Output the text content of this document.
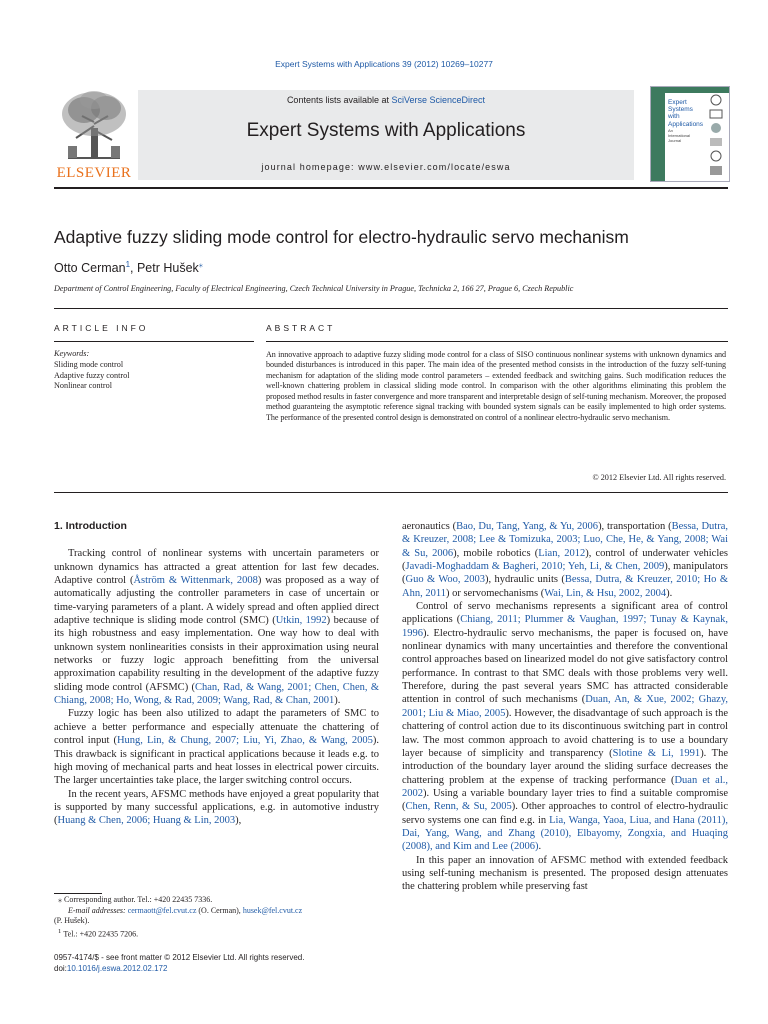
Expert Systems with Applications 39 (2012) 10269–10277
ELSEVIER
Contents lists available at SciVerse ScienceDirect
Expert Systems with Applications
journal homepage: www.elsevier.com/locate/eswa
Expert
Systems
with
Applications
An International Journal
Adaptive fuzzy sliding mode control for electro-hydraulic servo mechanism
Otto Cerman$^1$, Petr Hušek⁎
Department of Control Engineering, Faculty of Electrical Engineering, Czech Technical University in Prague, Technicka 2, 166 27, Prague 6, Czech Republic
ARTICLE INFO
Keywords:
Sliding mode control
Adaptive fuzzy control
Nonlinear control
ABSTRACT
An innovative approach to adaptive fuzzy sliding mode control for a class of SISO continuous nonlinear systems with unknown dynamics and bounded disturbances is introduced in this paper. The main idea of the presented method consists in the introduction of the fuzzy self-tuning mechanism for adaptation of the sliding mode control parameters – extended feedback and switching gains. Such modification reduces the well-known chattering problem in classical sliding mode control. In comparison with the other algorithms eliminating this problem the proposed method results in faster convergence and more transparent and interpretable design of self-tuning mechanism. Moreover, the proposed method guaranteing the asymptotic reference signal tracking with bounded system signals can be easily implemented to high order systems. The performance of the presented control design is demonstrated on control of a nonlinear electro-hydraulic servo mechanism.
© 2012 Elsevier Ltd. All rights reserved.
1. Introduction

Tracking control of nonlinear systems with uncertain parameters or unknown dynamics has attracted a great attention for last few decades. Adaptive control (Åström & Wittenmark, 2008) was proposed as a way of automatically adjusting the controller parameters in case of uncertain or time-varying parameters of a plant. A widely spread and often applied direct adaptive technique is sliding mode control (SMC) (Utkin, 1992) because of its high robustness and easy implementation. One way how to deal with unknown system nonlinearities consists in their approximation using neural networks or fuzzy logic approach benefitting from the universal approximation capability resulting in the development of the adaptive fuzzy sliding mode control (AFSMC) (Chan, Rad, & Wang, 2001; Chen, Chen, & Chiang, 2008; Ho, Wong, & Rad, 2009; Wang, Rad, & Chan, 2001).

Fuzzy logic has been also utilized to adapt the parameters of SMC to achieve a better performance and especially attenuate the chattering of control input (Hung, Lin, & Chung, 2007; Liu, Yi, Zhao, & Wang, 2005). This drawback is significant in practical applications because it leads e.g. to high moving of mechanical parts and heat losses in electrical power circuits. The larger uncertainties take place, the larger switching control occurs.

In the recent years, AFSMC methods have enjoyed a great popularity that is supported by many successful applications, e.g. in automotive industry (Huang & Chen, 2006; Huang & Lin, 2003),

⁎ Corresponding author. Tel.: +420 22435 7336.
E-mail addresses: cermaott@fel.cvut.cz (O. Cerman), husek@fel.cvut.cz
(P. Hušek).
$^1$ Tel.: +420 22435 7206.

aeronautics (Bao, Du, Tang, Yang, & Yu, 2006), transportation (Bessa, Dutra, & Kreuzer, 2008; Lee & Tomizuka, 2003; Luo, Che, He, & Yang, 2008; Wai & Su, 2006), mobile robotics (Lian, 2012), control of underwater vehicles (Javadi-Moghaddam & Bagheri, 2010; Yeh, Li, & Chen, 2009), manipulators (Guo & Woo, 2003), hydraulic units (Bessa, Dutra, & Kreuzer, 2010; Ho & Ahn, 2011) or servomechanisms (Wai, Lin, & Hsu, 2002, 2004).

Control of servo mechanisms represents a significant area of control applications (Chiang, 2011; Plummer & Vaughan, 1997; Tunay & Kaynak, 1996). Electro-hydraulic servo mechanisms, the paper is focused on, have nonlinear dynamics with many uncertainties and therefore the conventional control approaches based on linearized model do not give satisfactory control performance. In contrast to that SMC deals with those problems very well. Therefore, during the past several years SMC has attracted considerable attention in control of such mechanisms (Duan, An, & Xue, 2002; Ghazy, 2001; Liu & Miao, 2005). However, the disadvantage of such approach is the chattering of control action due to its discontinuous switching part in control law. The most common approach to avoid chattering is to use a boundary layer because of simplicity and transparency (Slotine & Li, 1991). The introduction of the boundary layer around the sliding surface decreases the chattering problem at the expense of tracking performance (Duan et al., 2002). Using a variable boundary layer tries to find a suitable compromise (Chen, Renn, & Su, 2005). Other approaches to control of electro-hydraulic servo systems one can find e.g. in Lia, Wanga, Yaoa, Liua, and Hana (2011), Dai, Yang, Wang, and Zhang (2010), Elbayomy, Zongxia, and Huaqing (2008), and Kim and Lee (2006).

In this paper an innovation of AFSMC method with extended feedback using self-tuning mechanism is presented. The proposed design attenuates the chattering problem while preserving fast

0957-4174/$ - see front matter © 2012 Elsevier Ltd. All rights reserved.
doi:10.1016/j.eswa.2012.02.172
